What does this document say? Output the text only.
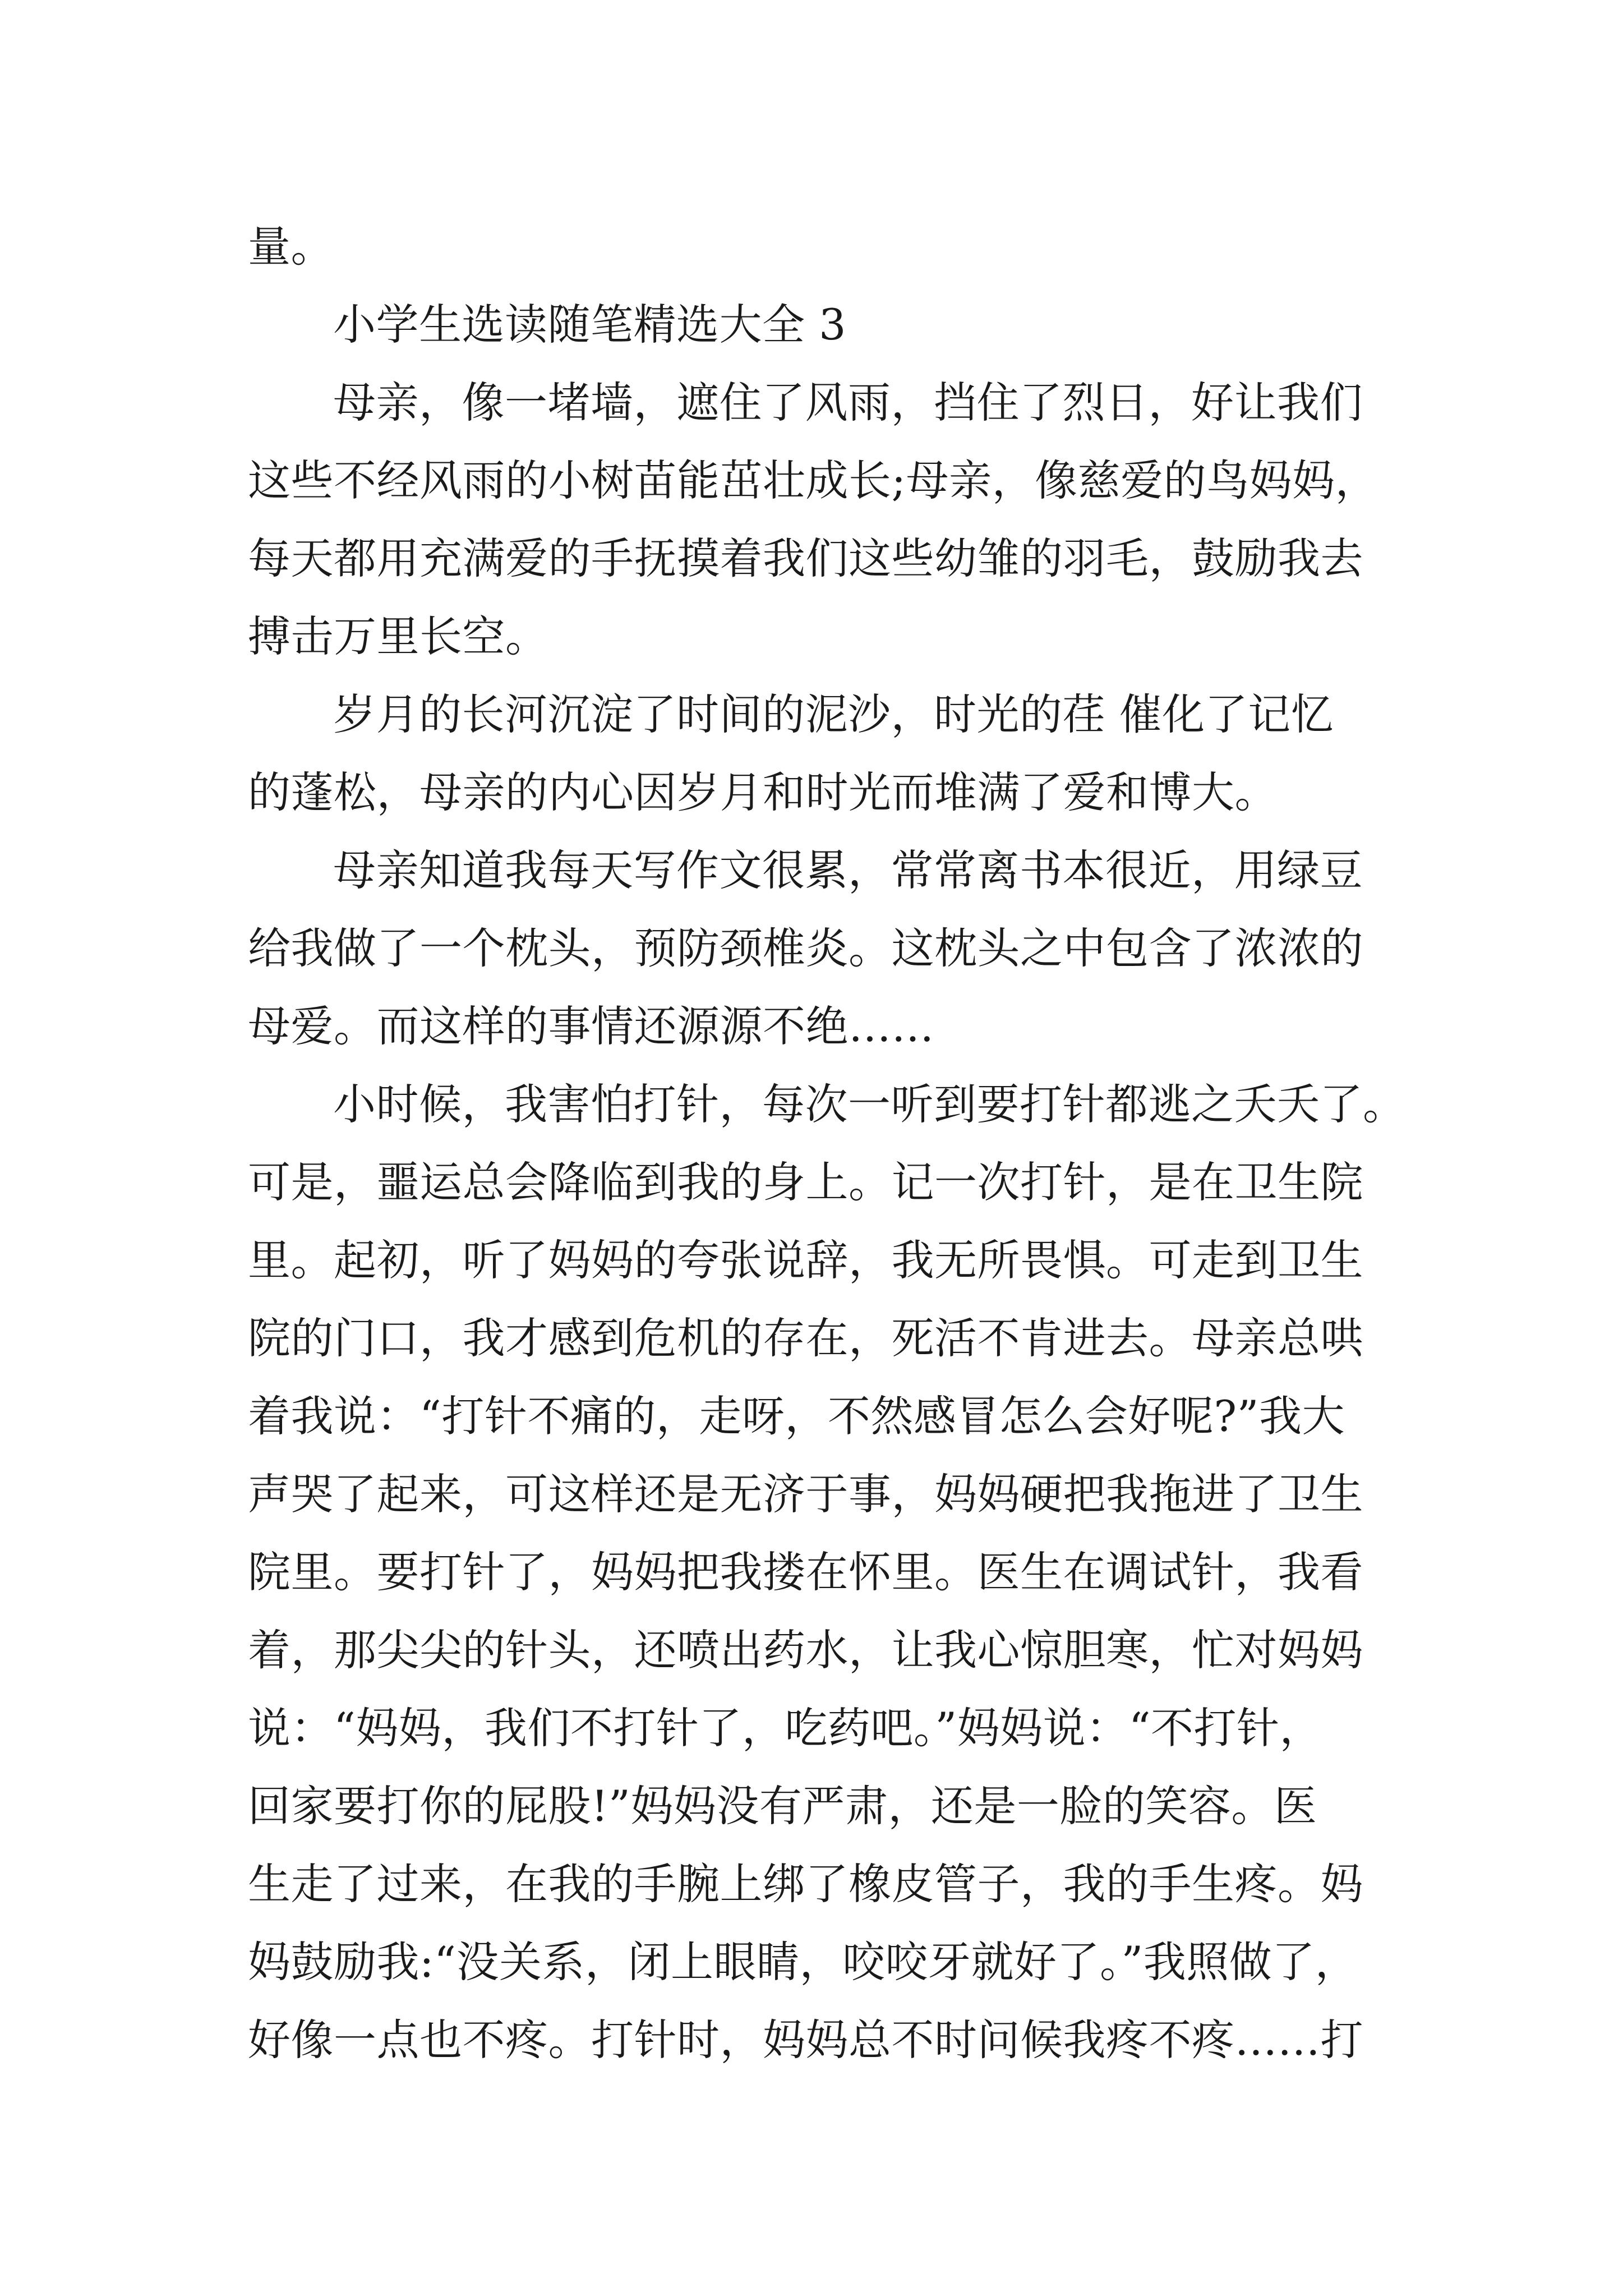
量。
小学生选读随笔精选大全 3
母亲，像一堵墙，遮住了风雨，挡住了烈日，好让我们
这些不经风雨的小树苗能茁壮成长;母亲，像慈爱的鸟妈妈，
每天都用充满爱的手抚摸着我们这些幼雏的羽毛，鼓励我去
搏击万里长空。
岁月的长河沉淀了时间的泥沙，时光的荏 催化了记忆
的蓬松，母亲的内心因岁月和时光而堆满了爱和博大。
母亲知道我每天写作文很累，常常离书本很近，用绿豆
给我做了一个枕头，预防颈椎炎。这枕头之中包含了浓浓的
母爱。而这样的事情还源源不绝……
小时候，我害怕打针，每次一听到要打针都逃之夭夭了。
可是，噩运总会降临到我的身上。记一次打针，是在卫生院
里。起初，听了妈妈的夸张说辞，我无所畏惧。可走到卫生
院的门口，我才感到危机的存在，死活不肯进去。母亲总哄
着我说：“打针不痛的，走呀，不然感冒怎么会好呢?”我大
声哭了起来，可这样还是无济于事，妈妈硬把我拖进了卫生
院里。要打针了，妈妈把我搂在怀里。医生在调试针，我看
着，那尖尖的针头，还喷出药水，让我心惊胆寒，忙对妈妈
说：“妈妈，我们不打针了，吃药吧。”妈妈说：“不打针，
回家要打你的屁股!”妈妈没有严肃，还是一脸的笑容。医
生走了过来，在我的手腕上绑了橡皮管子，我的手生疼。妈
妈鼓励我:“没关系，闭上眼睛，咬咬牙就好了。”我照做了，
好像一点也不疼。打针时，妈妈总不时问候我疼不疼……打
